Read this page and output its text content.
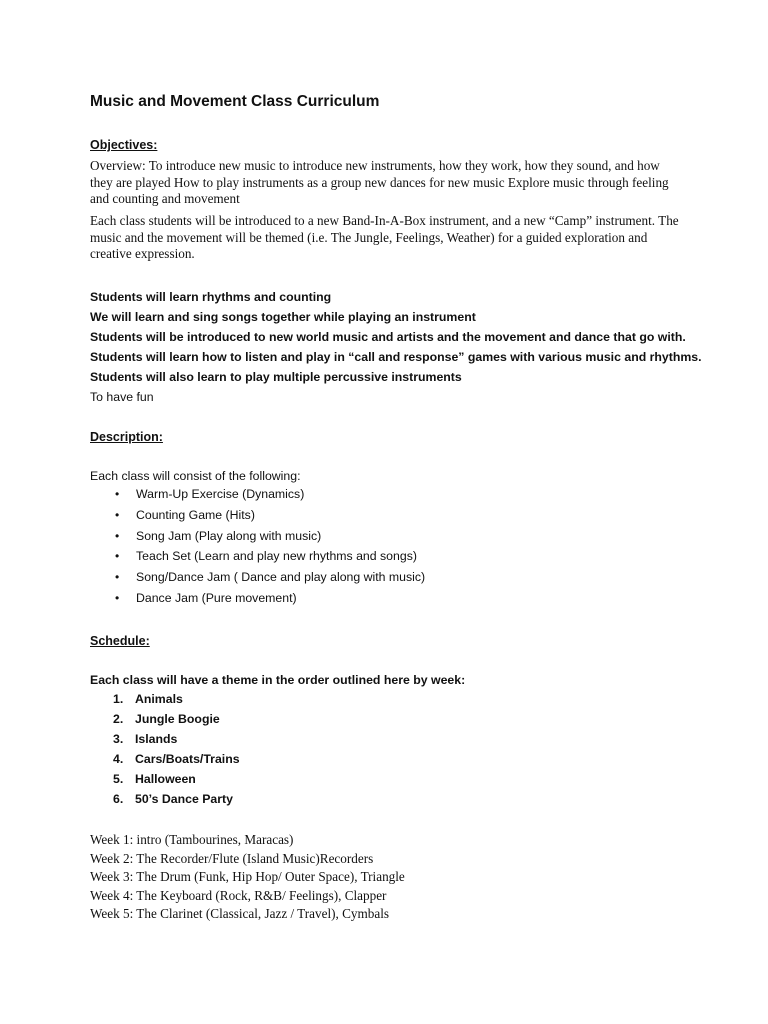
Music and Movement Class Curriculum
Objectives:
Overview: To introduce new music to introduce new instruments, how they work, how they sound, and how they are played How to play instruments as a group new dances for new music Explore music through feeling and counting and movement
Each class students will be introduced to a new Band-In-A-Box instrument, and a new “Camp” instrument. The music and the movement will be themed (i.e. The Jungle, Feelings, Weather) for a guided exploration and creative expression.
Students will learn rhythms and counting
We will learn and sing songs together while playing an instrument
Students will be introduced to new world music and artists and the movement and dance that go with.
Students will learn how to listen and play in “call and response” games with various music and rhythms.
Students will also learn to play multiple percussive instruments
To have fun
Description:
Each class will consist of the following:
• Warm-Up Exercise (Dynamics)
• Counting Game (Hits)
• Song Jam (Play along with music)
• Teach Set (Learn and play new rhythms and songs)
• Song/Dance Jam ( Dance and play along with music)
• Dance Jam (Pure movement)
Schedule:
Each class will have a theme in the order outlined here by week:
1. Animals
2. Jungle Boogie
3. Islands
4. Cars/Boats/Trains
5. Halloween
6. 50’s Dance Party
Week 1: intro (Tambourines, Maracas)
Week 2: The Recorder/Flute (Island Music)Recorders
Week 3: The Drum (Funk, Hip Hop/ Outer Space), Triangle
Week 4: The Keyboard (Rock, R&B/ Feelings), Clapper
Week 5: The Clarinet (Classical, Jazz / Travel), Cymbals
